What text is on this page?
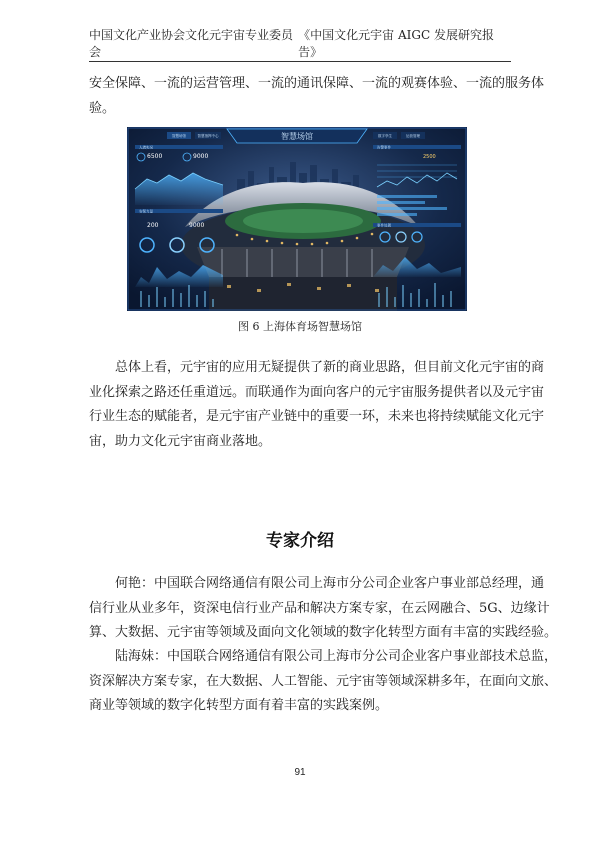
中国文化产业协会文化元宇宙专业委员会
《中国文化元宇宙 AIGC 发展研究报告》
安全保障、一流的运营管理、一流的通讯保障、一流的观赛体验、一流的服务体
验。
智慧场馆
智慧场馆	智慧指挥中心	数字孪生	运营管理
人流实况
6500	9000
安保力量
200	9000
告警事件
2500
事件处置
图 6 上海体育场智慧场馆
总体上看，元宇宙的应用无疑提供了新的商业思路，但目前文化元宇宙的商
业化探索之路还任重道远。而联通作为面向客户的元宇宙服务提供者以及元宇宙
行业生态的赋能者，是元宇宙产业链中的重要一环，未来也将持续赋能文化元宇
宙，助力文化元宇宙商业落地。
专家介绍
何艳：中国联合网络通信有限公司上海市分公司企业客户事业部总经理，通
信行业从业多年，资深电信行业产品和解决方案专家，在云网融合、5G、边缘计
算、大数据、元宇宙等领域及面向文化领域的数字化转型方面有丰富的实践经验。
陆海妹：中国联合网络通信有限公司上海市分公司企业客户事业部技术总监，
资深解决方案专家，在大数据、人工智能、元宇宙等领域深耕多年，在面向文旅、
商业等领域的数字化转型方面有着丰富的实践案例。
91
